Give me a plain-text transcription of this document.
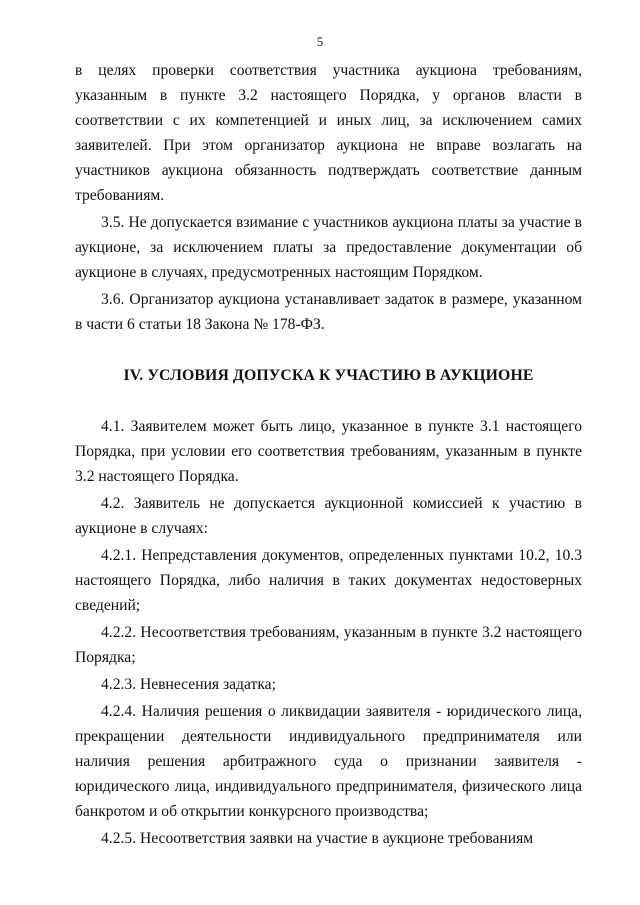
5

в целях проверки соответствия участника аукциона требованиям, указанным в пункте 3.2 настоящего Порядка, у органов власти в соответствии с их компетенцией и иных лиц, за исключением самих заявителей. При этом организатор аукциона не вправе возлагать на участников аукциона обязанность подтверждать соответствие данным требованиям.

3.5. Не допускается взимание с участников аукциона платы за участие в аукционе, за исключением платы за предоставление документации об аукционе в случаях, предусмотренных настоящим Порядком.

3.6. Организатор аукциона устанавливает задаток в размере, указанном в части 6 статьи 18 Закона № 178-ФЗ.

IV. УСЛОВИЯ ДОПУСКА К УЧАСТИЮ В АУКЦИОНЕ

4.1. Заявителем может быть лицо, указанное в пункте 3.1 настоящего Порядка, при условии его соответствия требованиям, указанным в пункте 3.2 настоящего Порядка.

4.2. Заявитель не допускается аукционной комиссией к участию в аукционе в случаях:

4.2.1. Непредставления документов, определенных пунктами 10.2, 10.3 настоящего Порядка, либо наличия в таких документах недостоверных сведений;

4.2.2. Несоответствия требованиям, указанным в пункте 3.2 настоящего Порядка;

4.2.3. Невнесения задатка;

4.2.4. Наличия решения о ликвидации заявителя - юридического лица, прекращении деятельности индивидуального предпринимателя или наличия решения арбитражного суда о признании заявителя - юридического лица, индивидуального предпринимателя, физического лица банкротом и об открытии конкурсного производства;

4.2.5. Несоответствия заявки на участие в аукционе требованиям
